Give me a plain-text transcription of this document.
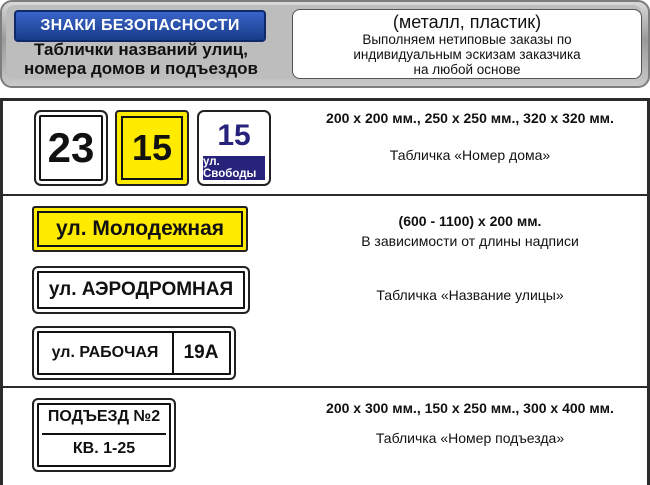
ЗНАКИ БЕЗОПАСНОСТИ
Таблички названий улиц,
номера домов и подъездов
(металл, пластик)
Выполняем нетиповые заказы по
индивидуальным эскизам заказчика
на любой основе
23	15	15
ул. Свободы
200 x 200 мм., 250 x 250 мм., 320 x 320 мм.
Табличка «Номер дома»
ул. Молодежная
ул. АЭРОДРОМНАЯ
ул. РАБОЧАЯ	19А
(600 - 1100) x 200 мм.
В зависимости от длины надписи
Табличка «Название улицы»
ПОДЪЕЗД №2
КВ. 1-25
200 x 300 мм., 150 x 250 мм., 300 x 400 мм.
Табличка «Номер подъезда»
